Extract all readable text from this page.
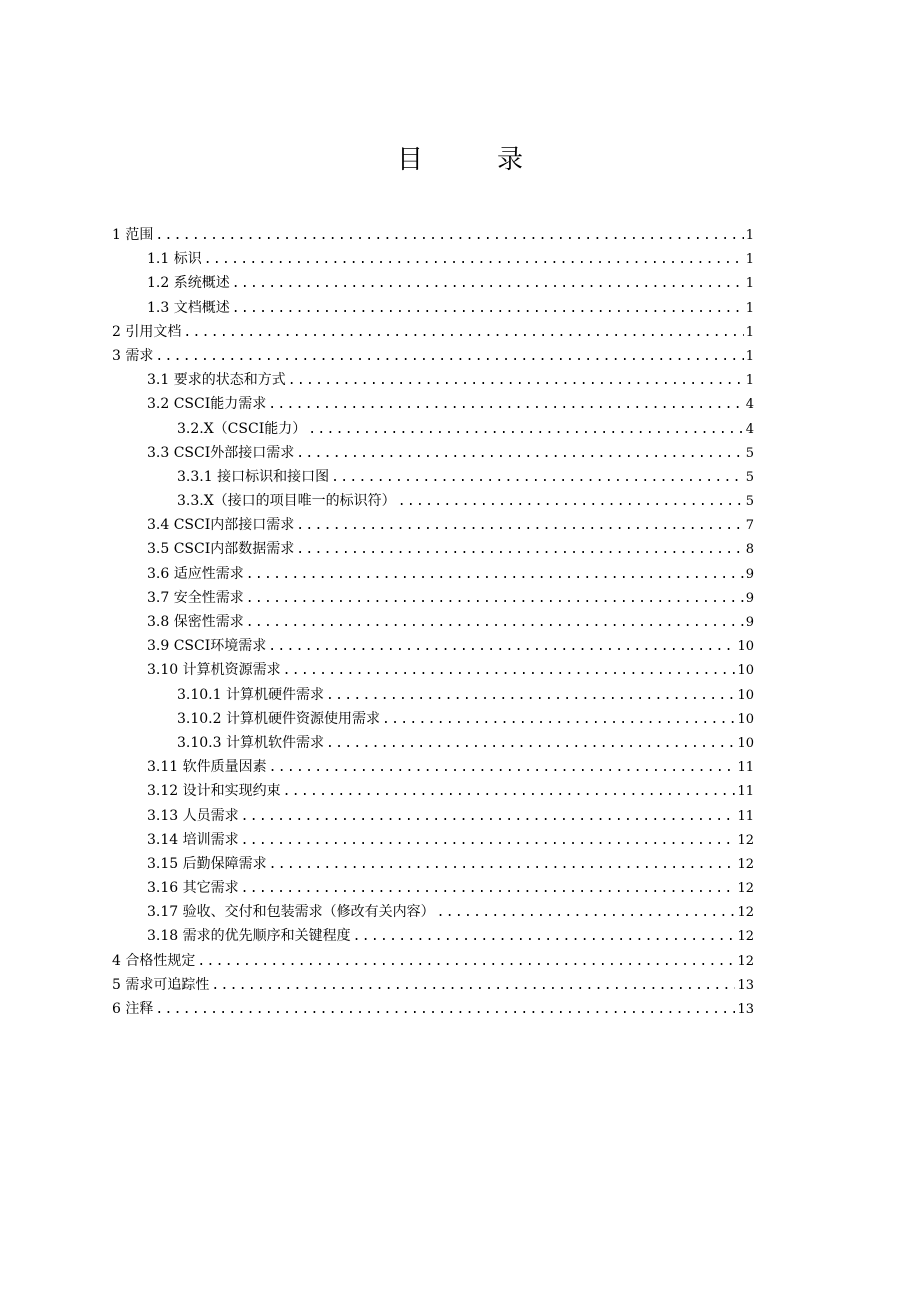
目　录
1 范围 .....	1
1.1 标识 .....	1
1.2 系统概述 .....	1
1.3 文档概述 .....	1
2 引用文档 .....	1
3 需求 .....	1
3.1 要求的状态和方式 .....	1
3.2 CSCI能力需求 .....	4
3.2.X（CSCI能力） .....	4
3.3 CSCI外部接口需求 .....	5
3.3.1 接口标识和接口图 .....	5
3.3.X（接口的项目唯一的标识符） .....	5
3.4 CSCI内部接口需求 .....	7
3.5 CSCI内部数据需求 .....	8
3.6 适应性需求 .....	9
3.7 安全性需求 .....	9
3.8 保密性需求 .....	9
3.9 CSCI环境需求 .....	10
3.10 计算机资源需求 .....	10
3.10.1 计算机硬件需求 .....	10
3.10.2 计算机硬件资源使用需求 .....	10
3.10.3 计算机软件需求 .....	10
3.11 软件质量因素 .....	11
3.12 设计和实现约束 .....	11
3.13 人员需求 .....	11
3.14 培训需求 .....	12
3.15 后勤保障需求 .....	12
3.16 其它需求 .....	12
3.17 验收、交付和包装需求（修改有关内容） .....	12
3.18 需求的优先顺序和关键程度 .....	12
4 合格性规定 .....	12
5 需求可追踪性 .....	13
6 注释 .....	13
